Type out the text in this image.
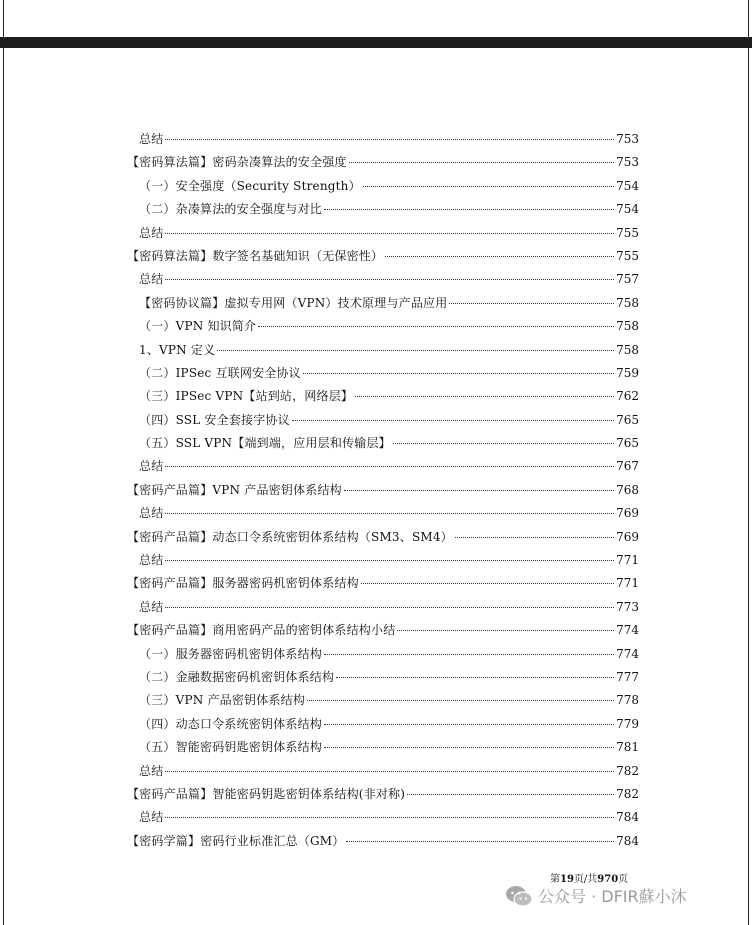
总结	753
【密码算法篇】密码杂凑算法的安全强度	753
（一）安全强度（Security Strength）	754
（二）杂凑算法的安全强度与对比	754
总结	755
【密码算法篇】数字签名基础知识（无保密性）	755
总结	757
【密码协议篇】虚拟专用网（VPN）技术原理与产品应用	758
（一）VPN 知识简介	758
1、VPN 定义	758
（二）IPSec 互联网安全协议	759
（三）IPSec VPN【站到站，网络层】	762
（四）SSL 安全套接字协议	765
（五）SSL VPN【端到端，应用层和传输层】	765
总结	767
【密码产品篇】VPN 产品密钥体系结构	768
总结	769
【密码产品篇】动态口令系统密钥体系结构（SM3、SM4）	769
总结	771
【密码产品篇】服务器密码机密钥体系结构	771
总结	773
【密码产品篇】商用密码产品的密钥体系结构小结	774
（一）服务器密码机密钥体系结构	774
（二）金融数据密码机密钥体系结构	777
（三）VPN 产品密钥体系结构	778
（四）动态口令系统密钥体系结构	779
（五）智能密码钥匙密钥体系结构	781
总结	782
【密码产品篇】智能密码钥匙密钥体系结构(非对称)	782
总结	784
【密码学篇】密码行业标准汇总（GM）	784
第19页/共970页
公众号 · DFIR蘇小沐
